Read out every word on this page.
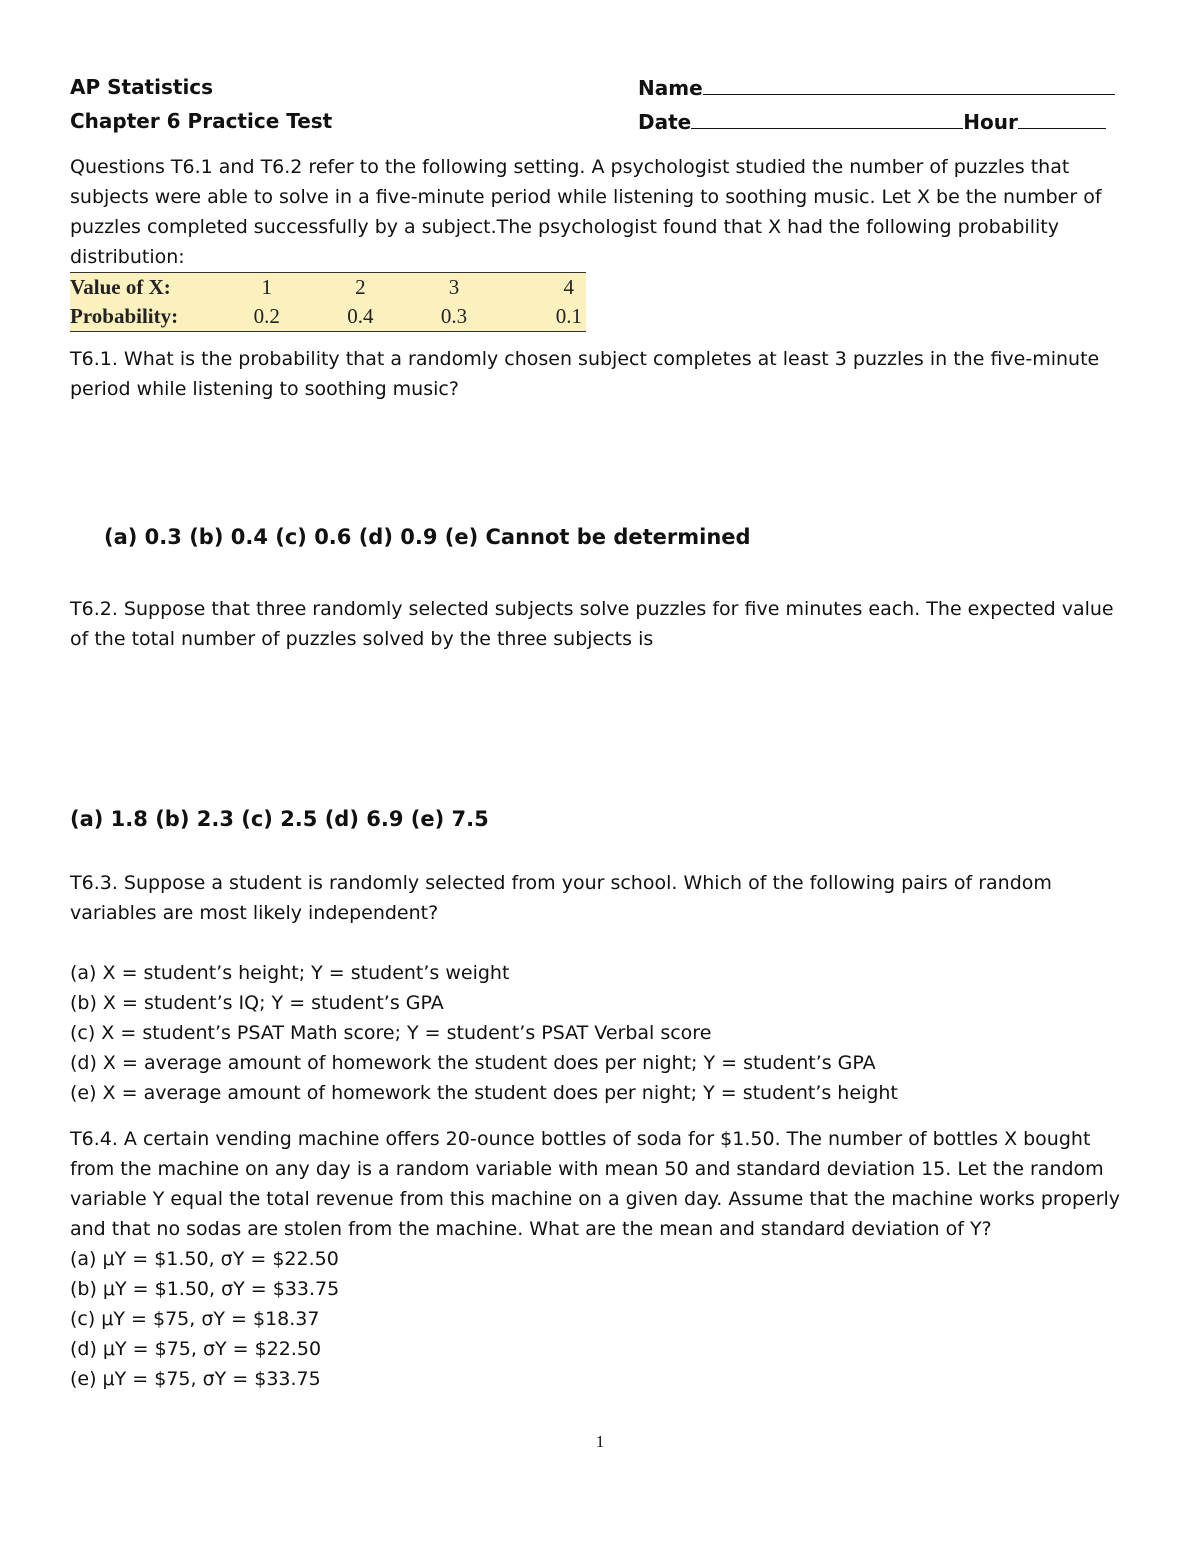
AP Statistics
Chapter 6 Practice Test
Name
Date	Hour

Questions T6.1 and T6.2 refer to the following setting. A psychologist studied the number of puzzles that subjects were able to solve in a five-minute period while listening to soothing music. Let X be the number of puzzles completed successfully by a subject.The psychologist found that X had the following probability distribution:

Value of X:	1	2	3	4
Probability:	0.2	0.4	0.3	0.1

T6.1. What is the probability that a randomly chosen subject completes at least 3 puzzles in the five-minute period while listening to soothing music?

(a) 0.3 (b) 0.4 (c) 0.6 (d) 0.9 (e) Cannot be determined

T6.2. Suppose that three randomly selected subjects solve puzzles for five minutes each. The expected value of the total number of puzzles solved by the three subjects is

(a) 1.8 (b) 2.3 (c) 2.5 (d) 6.9 (e) 7.5

T6.3. Suppose a student is randomly selected from your school. Which of the following pairs of random variables are most likely independent?

(a) X = student’s height; Y = student’s weight

(b) X = student’s IQ; Y = student’s GPA

(c) X = student’s PSAT Math score; Y = student’s PSAT Verbal score

(d) X = average amount of homework the student does per night; Y = student’s GPA

(e) X = average amount of homework the student does per night; Y = student’s height

T6.4. A certain vending machine offers 20-ounce bottles of soda for $1.50. The number of bottles X bought from the machine on any day is a random variable with mean 50 and standard deviation 15. Let the random variable Y equal the total revenue from this machine on a given day. Assume that the machine works properly and that no sodas are stolen from the machine. What are the mean and standard deviation of Y?

(a) μY = $1.50, σY = $22.50

(b) μY = $1.50, σY = $33.75

(c) μY = $75, σY = $18.37

(d) μY = $75, σY = $22.50

(e) μY = $75, σY = $33.75

1
